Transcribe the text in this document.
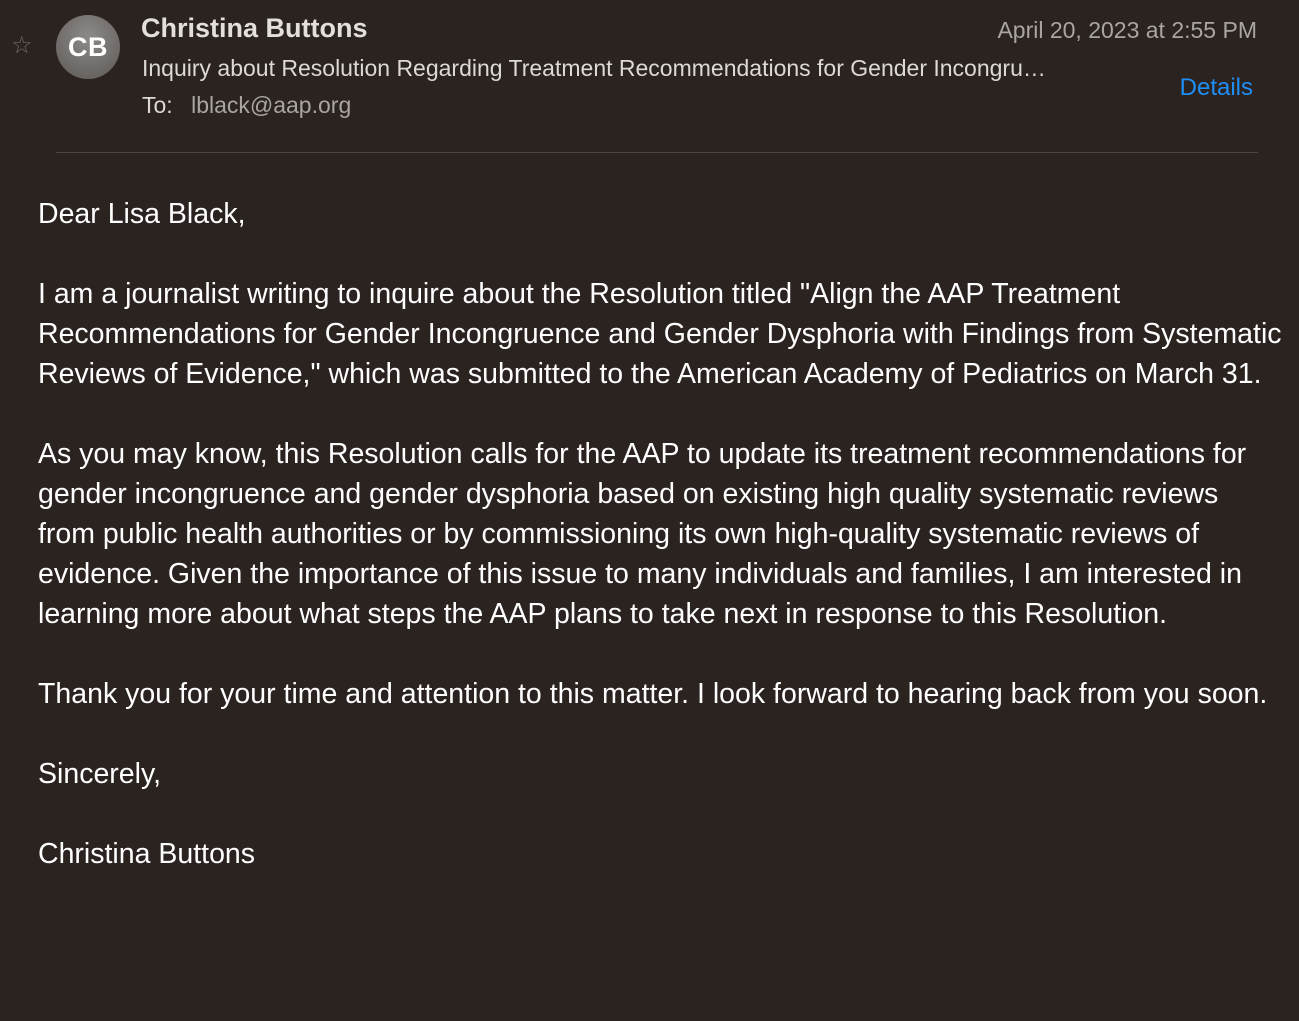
☆ CB
Christina Buttons
Inquiry about Resolution Regarding Treatment Recommendations for Gender Incongru…
To: lblack@aap.org
April 20, 2023 at 2:55 PM
Details

Dear Lisa Black,

I am a journalist writing to inquire about the Resolution titled "Align the AAP Treatment Recommendations for Gender Incongruence and Gender Dysphoria with Findings from Systematic Reviews of Evidence," which was submitted to the American Academy of Pediatrics on March 31.

As you may know, this Resolution calls for the AAP to update its treatment recommendations for gender incongruence and gender dysphoria based on existing high quality systematic reviews from public health authorities or by commissioning its own high-quality systematic reviews of evidence. Given the importance of this issue to many individuals and families, I am interested in learning more about what steps the AAP plans to take next in response to this Resolution.

Thank you for your time and attention to this matter. I look forward to hearing back from you soon.

Sincerely,

Christina Buttons
